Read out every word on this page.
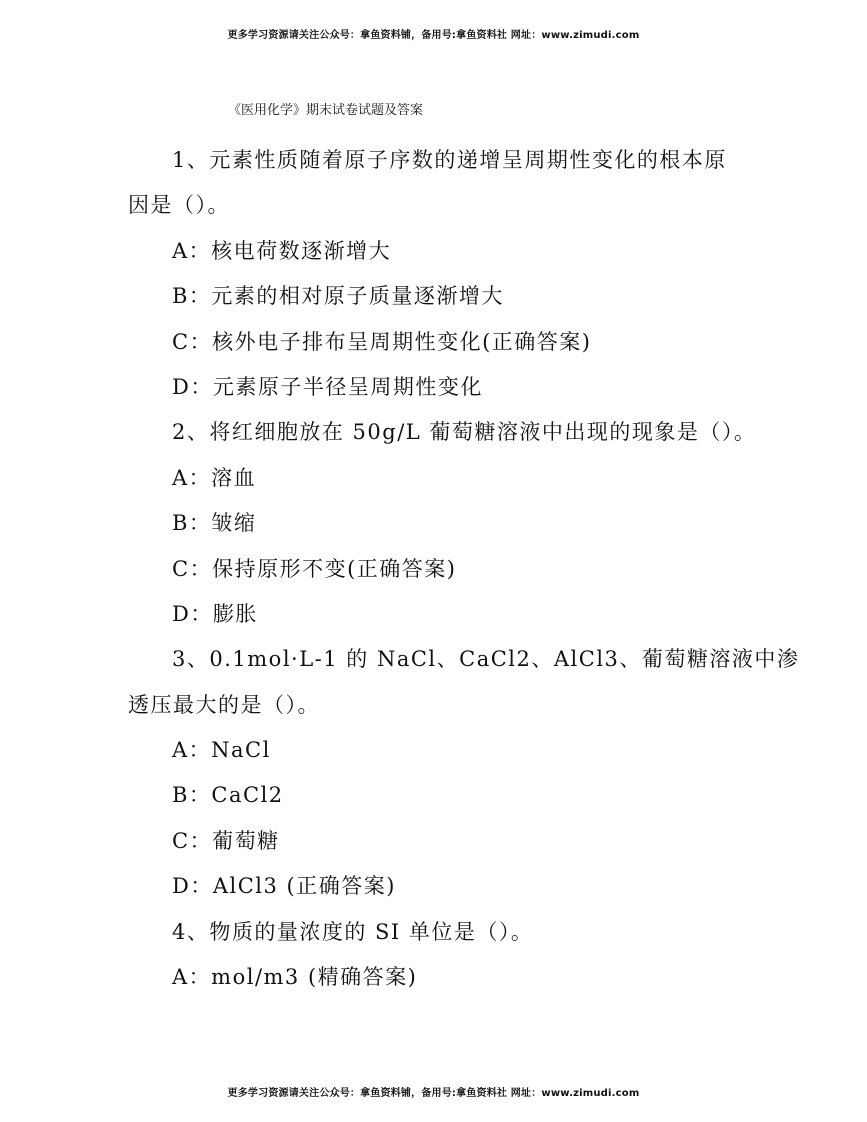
更多学习资源请关注公众号：拿鱼资料铺，备用号:拿鱼资料社 网址：www.zimudi.com
《医用化学》期末试卷试题及答案
1、元素性质随着原子序数的递增呈周期性变化的根本原
因是（）。
A：核电荷数逐渐增大
B：元素的相对原子质量逐渐增大
C：核外电子排布呈周期性变化(正确答案)
D：元素原子半径呈周期性变化
2、将红细胞放在 50g/L 葡萄糖溶液中出现的现象是（）。
A：溶血
B：皱缩
C：保持原形不变(正确答案)
D：膨胀
3、0.1mol·L-1 的 NaCl、CaCl2、AlCl3、葡萄糖溶液中渗
透压最大的是（）。
A：NaCl
B：CaCl2
C：葡萄糖
D：AlCl3 (正确答案)
4、物质的量浓度的 SI 单位是（）。
A：mol/m3 (精确答案)
更多学习资源请关注公众号：拿鱼资料铺，备用号:拿鱼资料社 网址：www.zimudi.com
